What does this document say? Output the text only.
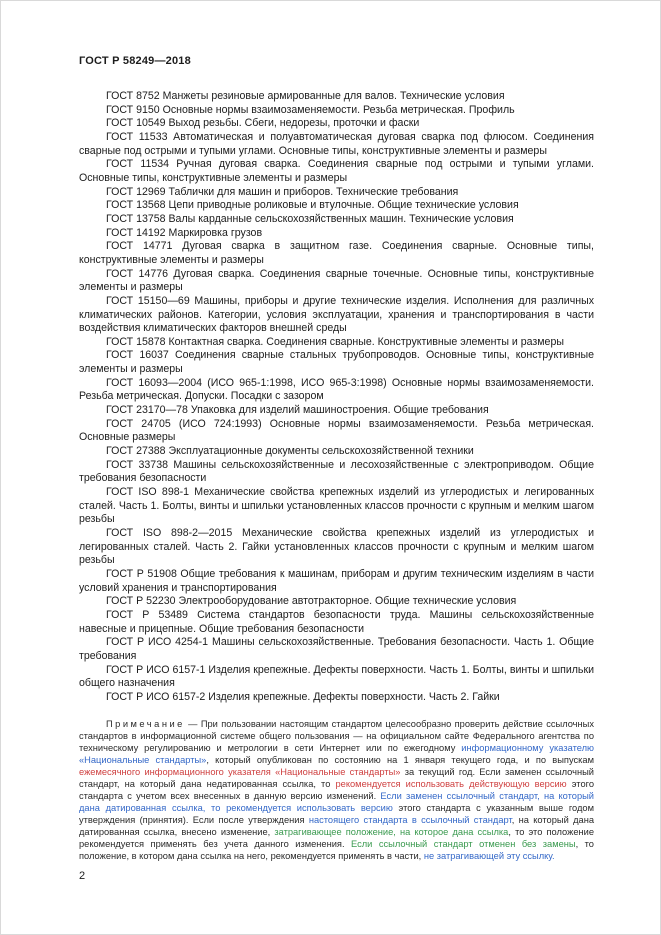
ГОСТ Р 58249—2018

ГОСТ 8752 Манжеты резиновые армированные для валов. Технические условия

ГОСТ 9150 Основные нормы взаимозаменяемости. Резьба метрическая. Профиль

ГОСТ 10549 Выход резьбы. Сбеги, недорезы, проточки и фаски

ГОСТ 11533 Автоматическая и полуавтоматическая дуговая сварка под флюсом. Соединения сварные под острыми и тупыми углами. Основные типы, конструктивные элементы и размеры

ГОСТ 11534 Ручная дуговая сварка. Соединения сварные под острыми и тупыми углами. Основные типы, конструктивные элементы и размеры

ГОСТ 12969 Таблички для машин и приборов. Технические требования

ГОСТ 13568 Цепи приводные роликовые и втулочные. Общие технические условия

ГОСТ 13758 Валы карданные сельскохозяйственных машин. Технические условия

ГОСТ 14192 Маркировка грузов

ГОСТ 14771 Дуговая сварка в защитном газе. Соединения сварные. Основные типы, конструктивные элементы и размеры

ГОСТ 14776 Дуговая сварка. Соединения сварные точечные. Основные типы, конструктивные элементы и размеры

ГОСТ 15150—69 Машины, приборы и другие технические изделия. Исполнения для различных климатических районов. Категории, условия эксплуатации, хранения и транспортирования в части воздействия климатических факторов внешней среды

ГОСТ 15878 Контактная сварка. Соединения сварные. Конструктивные элементы и размеры

ГОСТ 16037 Соединения сварные стальных трубопроводов. Основные типы, конструктивные элементы и размеры

ГОСТ 16093—2004 (ИСО 965-1:1998, ИСО 965-3:1998) Основные нормы взаимозаменяемости. Резьба метрическая. Допуски. Посадки с зазором

ГОСТ 23170—78 Упаковка для изделий машиностроения. Общие требования

ГОСТ 24705 (ИСО 724:1993) Основные нормы взаимозаменяемости. Резьба метрическая. Основные размеры

ГОСТ 27388 Эксплуатационные документы сельскохозяйственной техники

ГОСТ 33738 Машины сельскохозяйственные и лесохозяйственные с электроприводом. Общие требования безопасности

ГОСТ ISO 898-1 Механические свойства крепежных изделий из углеродистых и легированных сталей. Часть 1. Болты, винты и шпильки установленных классов прочности с крупным и мелким шагом резьбы

ГОСТ ISO 898-2—2015 Механические свойства крепежных изделий из углеродистых и легированных сталей. Часть 2. Гайки установленных классов прочности с крупным и мелким шагом резьбы

ГОСТ Р 51908 Общие требования к машинам, приборам и другим техническим изделиям в части условий хранения и транспортирования

ГОСТ Р 52230 Электрооборудование автотракторное. Общие технические условия

ГОСТ Р 53489 Система стандартов безопасности труда. Машины сельскохозяйственные навесные и прицепные. Общие требования безопасности

ГОСТ Р ИСО 4254-1 Машины сельскохозяйственные. Требования безопасности. Часть 1. Общие требования

ГОСТ Р ИСО 6157-1 Изделия крепежные. Дефекты поверхности. Часть 1. Болты, винты и шпильки общего назначения

ГОСТ Р ИСО 6157-2 Изделия крепежные. Дефекты поверхности. Часть 2. Гайки

Примечание — При пользовании настоящим стандартом целесообразно проверить действие ссылочных стандартов в информационной системе общего пользования — на официальном сайте Федерального агентства по техническому регулированию и метрологии в сети Интернет или по ежегодному информационному указателю «Национальные стандарты», который опубликован по состоянию на 1 января текущего года, и по выпускам ежемесячного информационного указателя «Национальные стандарты» за текущий год. Если заменен ссылочный стандарт, на который дана недатированная ссылка, то рекомендуется использовать действующую версию этого стандарта с учетом всех внесенных в данную версию изменений. Если заменен ссылочный стандарт, на который дана датированная ссылка, то рекомендуется использовать версию этого стандарта с указанным выше годом утверждения (принятия). Если после утверждения настоящего стандарта в ссылочный стандарт, на который дана датированная ссылка, внесено изменение, затрагивающее положение, на которое дана ссылка, то это положение рекомендуется применять без учета данного изменения. Если ссылочный стандарт отменен без замены, то положение, в котором дана ссылка на него, рекомендуется применять в части, не затрагивающей эту ссылку.

2
